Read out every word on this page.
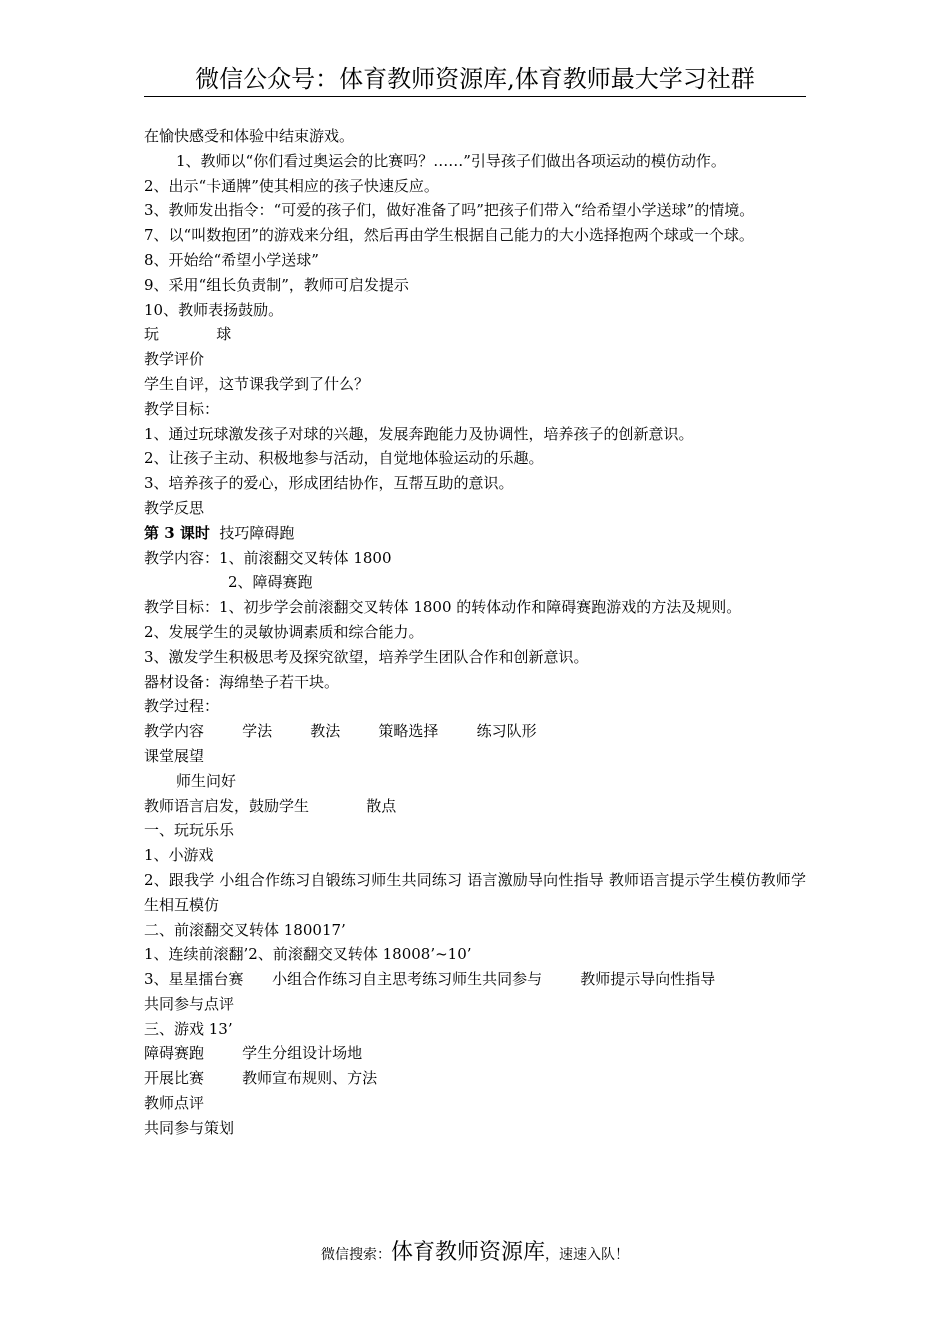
微信公众号：体育教师资源库,体育教师最大学习社群
在愉快感受和体验中结束游戏。
1、教师以“你们看过奥运会的比赛吗？……”引导孩子们做出各项运动的模仿动作。
2、出示“卡通牌”使其相应的孩子快速反应。
3、教师发出指令：“可爱的孩子们，做好准备了吗”把孩子们带入“给希望小学送球”的情境。
7、以“叫数抱团”的游戏来分组，然后再由学生根据自己能力的大小选择抱两个球或一个球。
8、开始给“希望小学送球”
9、采用“组长负责制”，教师可启发提示
10、教师表扬鼓励。
玩            球
教学评价
学生自评，这节课我学到了什么？
教学目标：
1、通过玩球激发孩子对球的兴趣，发展奔跑能力及协调性，培养孩子的创新意识。
2、让孩子主动、积极地参与活动，自觉地体验运动的乐趣。
3、培养孩子的爱心，形成团结协作，互帮互助的意识。
教学反思
第 3 课时  技巧障碍跑
教学内容：1、前滚翻交叉转体 1800
2、障碍赛跑
教学目标：1、初步学会前滚翻交叉转体 1800 的转体动作和障碍赛跑游戏的方法及规则。
2、发展学生的灵敏协调素质和综合能力。
3、激发学生积极思考及探究欲望，培养学生团队合作和创新意识。
器材设备：海绵垫子若干块。
教学过程：
教学内容        学法        教法        策略选择        练习队形
课堂展望
师生问好
教师语言启发，鼓励学生            散点
一、玩玩乐乐
1、小游戏
2、跟我学 小组合作练习自锻练习师生共同练习 语言激励导向性指导 教师语言提示学生模仿教师学生相互模仿
二、前滚翻交叉转体 180017’
1、连续前滚翻’2、前滚翻交叉转体 18008’~10’
3、星星擂台赛      小组合作练习自主思考练习师生共同参与        教师提示导向性指导
共同参与点评
三、游戏 13’
障碍赛跑        学生分组设计场地
开展比赛        教师宣布规则、方法
教师点评
共同参与策划
微信搜索：体育教师资源库，速速入队！
